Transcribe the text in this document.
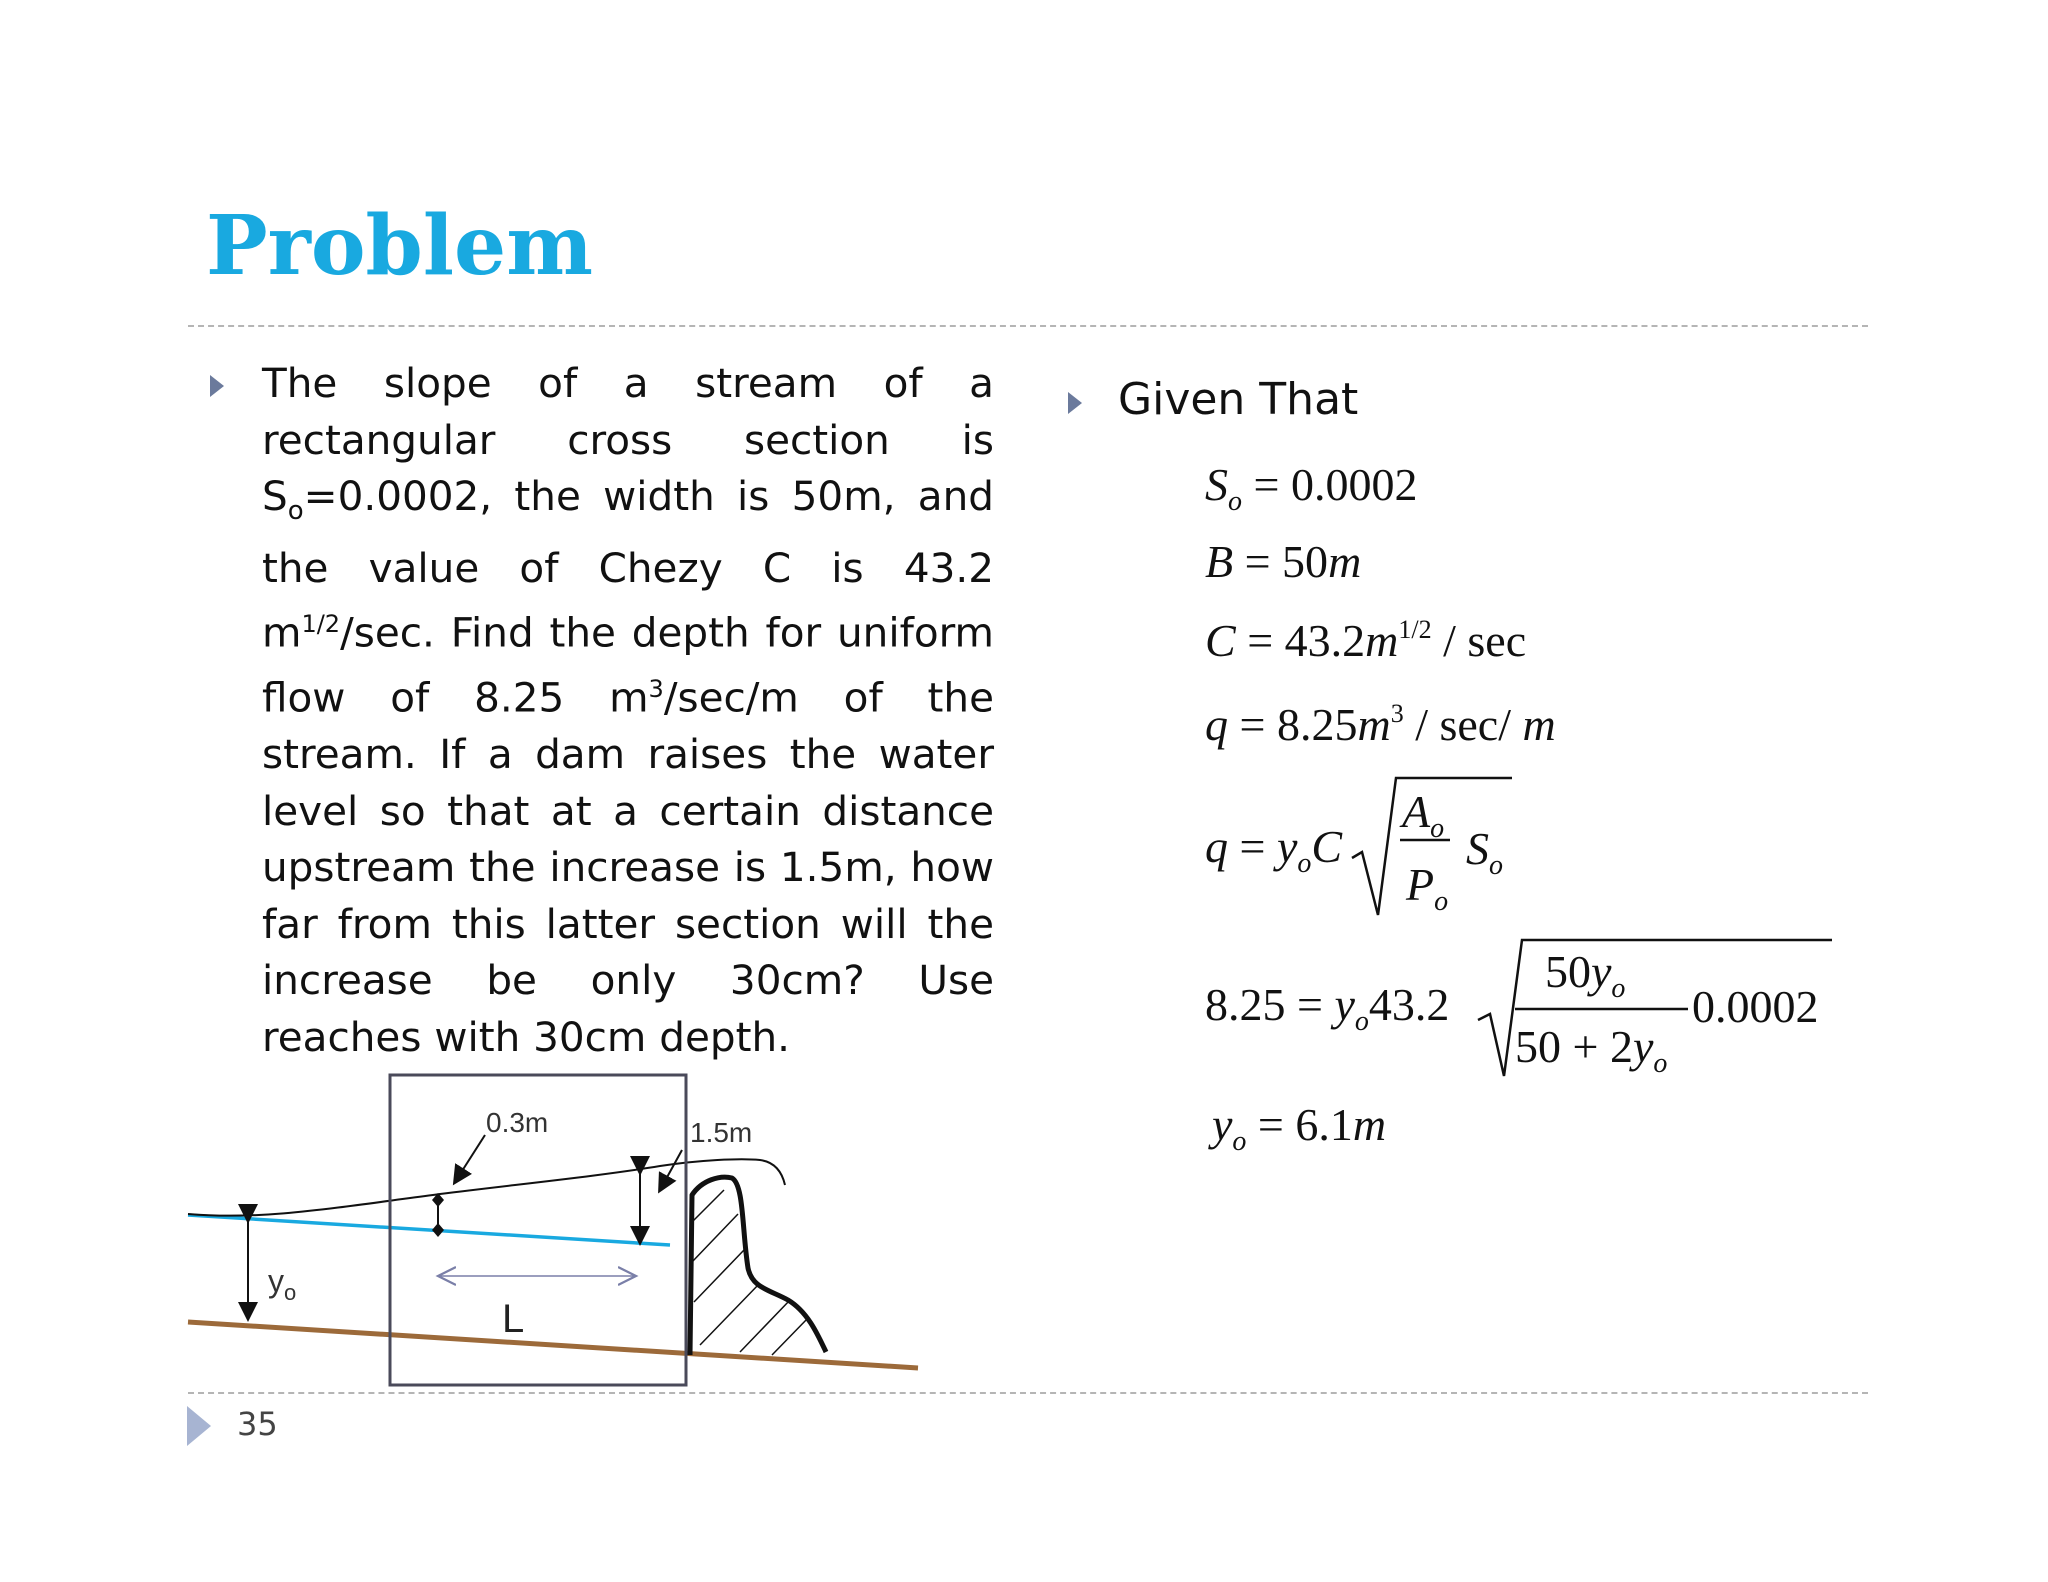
Problem

The slope of a stream of a rectangular cross section is $S_o=0.0002$, the width is 50m, and the value of Chezy C is 43.2 $m^{1/2}/\sec$. Find the depth for uniform flow of 8.25 $m^3/\sec/m$ of the stream. If a dam raises the water level so that at a certain distance upstream the increase is 1.5m, how far from this latter section will the increase be only 30cm? Use reaches with 30cm depth.

Given That

$S_o = 0.0002$
B = 50m
$C = 43.2m^{1/2} / \sec$
$q = 8.25m^3 / \sec/$ m
$q = y_oC$
$A_o$
$P_o$
$S_o$
$8.25 = y_o43.2$
$50y_o$
$50 + 2y_o$
0.0002
$y_o = 6.1m$
0.3m	1.5m
$y_o$
L
35
